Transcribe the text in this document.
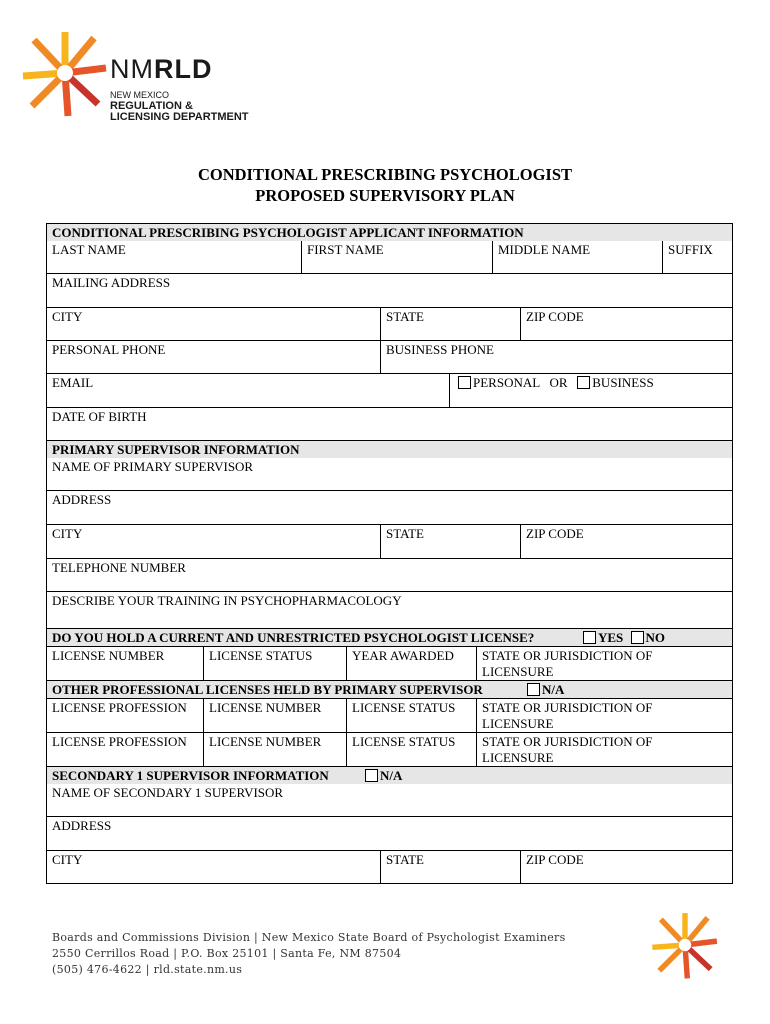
NMRLD
NEW MEXICO
REGULATION &
LICENSING DEPARTMENT
CONDITIONAL PRESCRIBING PSYCHOLOGIST
PROPOSED SUPERVISORY PLAN
CONDITIONAL PRESCRIBING PSYCHOLOGIST APPLICANT INFORMATION
LAST NAME	FIRST NAME	MIDDLE NAME	SUFFIX
MAILING ADDRESS
CITY	STATE	ZIP CODE
PERSONAL PHONE	BUSINESS PHONE
EMAIL	PERSONAL OR BUSINESS
DATE OF BIRTH
PRIMARY SUPERVISOR INFORMATION
NAME OF PRIMARY SUPERVISOR
ADDRESS
CITY	STATE	ZIP CODE
TELEPHONE NUMBER
DESCRIBE YOUR TRAINING IN PSYCHOPHARMACOLOGY
DO YOU HOLD A CURRENT AND UNRESTRICTED PSYCHOLOGIST LICENSE?	YES NO
LICENSE NUMBER	LICENSE STATUS	YEAR AWARDED	STATE OR JURISDICTION OF
LICENSURE
OTHER PROFESSIONAL LICENSES HELD BY PRIMARY SUPERVISOR	N/A
LICENSE PROFESSION	LICENSE NUMBER	LICENSE STATUS	STATE OR JURISDICTION OF
LICENSURE
LICENSE PROFESSION	LICENSE NUMBER	LICENSE STATUS	STATE OR JURISDICTION OF
LICENSURE
SECONDARY 1 SUPERVISOR INFORMATION	N/A
NAME OF SECONDARY 1 SUPERVISOR
ADDRESS
CITY	STATE	ZIP CODE
Boards and Commissions Division | New Mexico State Board of Psychologist Examiners
2550 Cerrillos Road | P.O. Box 25101 | Santa Fe, NM 87504
(505) 476-4622 | rld.state.nm.us
